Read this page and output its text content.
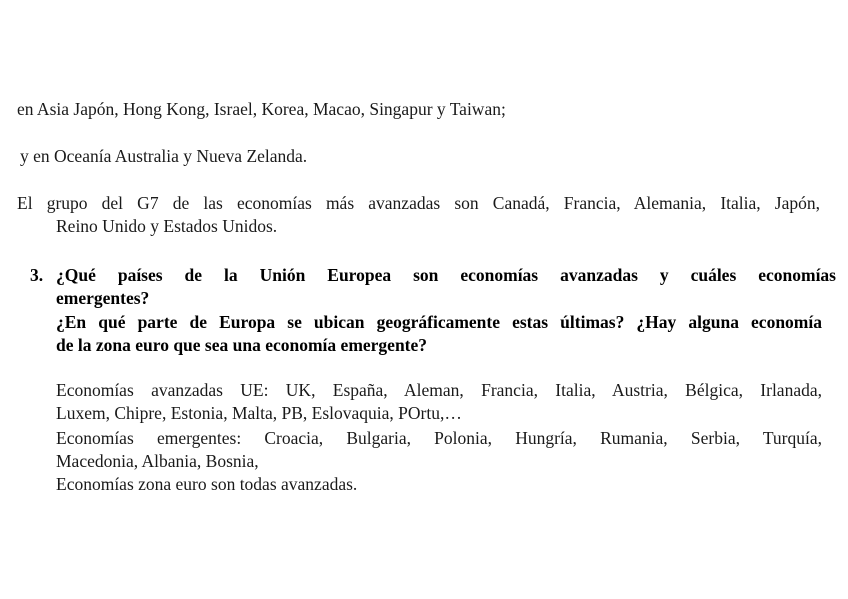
en Asia Japón, Hong Kong, Israel, Korea, Macao, Singapur y Taiwan;
y en Oceanía Australia y Nueva Zelanda.
El grupo del G7 de las economías más avanzadas son Canadá, Francia, Alemania, Italia, Japón,
Reino Unido y Estados Unidos.
3. ¿Qué países de la Unión Europea son economías avanzadas y cuáles economías
emergentes?
¿En qué parte de Europa se ubican geográficamente estas últimas? ¿Hay alguna economía
de la zona euro que sea una economía emergente?
Economías avanzadas UE: UK, España, Aleman, Francia, Italia, Austria, Bélgica, Irlanada,
Luxem, Chipre, Estonia, Malta, PB, Eslovaquia, POrtu,…
Economías emergentes: Croacia, Bulgaria, Polonia, Hungría, Rumania, Serbia, Turquía,
Macedonia, Albania, Bosnia,
Economías zona euro son todas avanzadas.
